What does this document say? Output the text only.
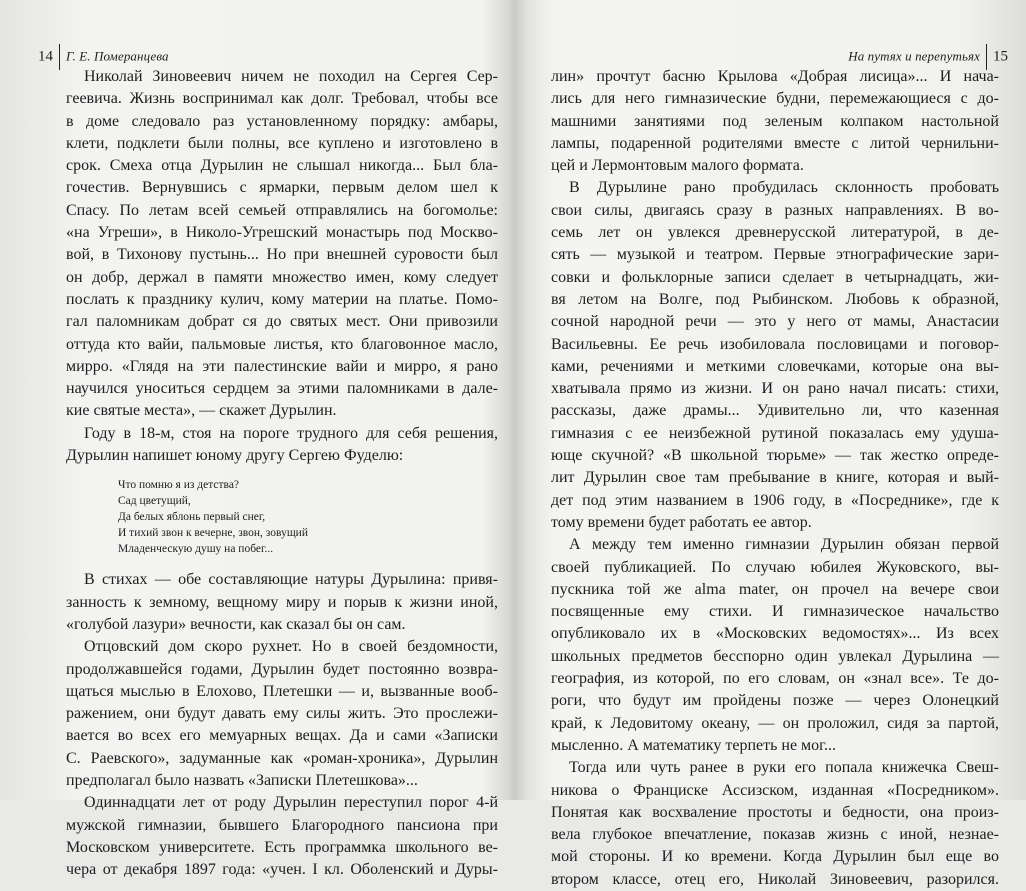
14 Г. Е. Померанцева
Николай Зиновеевич ничем не походил на Сергея Сер-
геевича. Жизнь воспринимал как долг. Требовал, чтобы все
в доме следовало раз установленному порядку: амбары,
клети, подклети были полны, все куплено и изготовлено в
срок. Смеха отца Дурылин не слышал никогда... Был бла-
гочестив. Вернувшись с ярмарки, первым делом шел к
Спасу. По летам всей семьей отправлялись на богомолье:
«на Угреши», в Николо-Угрешский монастырь под Москво-
вой, в Тихонову пустынь... Но при внешней суровости был
он добр, держал в памяти множество имен, кому следует
послать к празднику кулич, кому материи на платье. Помо-
гал паломникам добрат ся до святых мест. Они привозили
оттуда кто вайи, пальмовые листья, кто благовонное масло,
мирро. «Глядя на эти палестинские вайи и мирро, я рано
научился уноситься сердцем за этими паломниками в дале-
кие святые места», — скажет Дурылин.
Году в 18-м, стоя на пороге трудного для себя решения,
Дурылин напишет юному другу Сергею Фуделю:
Что помню я из детства?
Сад цветущий,
Да белых яблонь первый снег,
И тихий звон к вечерне, звон, зовущий
Младенческую душу на побег...
В стихах — обе составляющие натуры Дурылина: привя-
занность к земному, вещному миру и порыв к жизни иной,
«голубой лазури» вечности, как сказал бы он сам.
Отцовский дом скоро рухнет. Но в своей бездомности,
продолжавшейся годами, Дурылин будет постоянно возвра-
щаться мыслью в Елохово, Плетешки — и, вызванные вооб-
ражением, они будут давать ему силы жить. Это прослежи-
вается во всех его мемуарных вещах. Да и сами «Записки
С. Раевского», задуманные как «роман-хроника», Дурылин
предполагал было назвать «Записки Плетешкова»...
Одиннадцати лет от роду Дурылин переступил порог 4-й
мужской гимназии, бывшего Благородного пансиона при
Московском университете. Есть программка школьного ве-
чера от декабря 1897 года: «учен. I кл. Оболенский и Дуры-
На путях и перепутьях 15
лин» прочтут басню Крылова «Добрая лисица»... И нача-
лись для него гимназические будни, перемежающиеся с до-
машними занятиями под зеленым колпаком настольной
лампы, подаренной родителями вместе с литой чернильни-
цей и Лермонтовым малого формата.
В Дурылине рано пробудилась склонность пробовать
свои силы, двигаясь сразу в разных направлениях. В во-
семь лет он увлекся древнерусской литературой, в де-
сять — музыкой и театром. Первые этнографические зари-
совки и фольклорные записи сделает в четырнадцать, жи-
вя летом на Волге, под Рыбинском. Любовь к образной,
сочной народной речи — это у него от мамы, Анастасии
Васильевны. Ее речь изобиловала пословицами и поговор-
ками, речениями и меткими словечками, которые она вы-
хватывала прямо из жизни. И он рано начал писать: стихи,
рассказы, даже драмы... Удивительно ли, что казенная
гимназия с ее неизбежной рутиной показалась ему удуша-
юще скучной? «В школьной тюрьме» — так жестко опреде-
лит Дурылин свое там пребывание в книге, которая и вый-
дет под этим названием в 1906 году, в «Посреднике», где к
тому времени будет работать ее автор.
А между тем именно гимназии Дурылин обязан первой
своей публикацией. По случаю юбилея Жуковского, вы-
пускника той же alma mater, он прочел на вечере свои
посвященные ему стихи. И гимназическое начальство
опубликовало их в «Московских ведомостях»... Из всех
школьных предметов бесспорно один увлекал Дурылина —
география, из которой, по его словам, он «знал все». Те до-
роги, что будут им пройдены позже — через Олонецкий
край, к Ледовитому океану, — он проложил, сидя за партой,
мысленно. А математику терпеть не мог...
Тогда или чуть ранее в руки его попала книжечка Свеш-
никова о Франциске Ассизском, изданная «Посредником».
Понятая как восхваление простоты и бедности, она произ-
вела глубокое впечатление, показав жизнь с иной, незнае-
мой стороны. И ко времени. Когда Дурылин был еще во
втором классе, отец его, Николай Зиновеевич, разорился.
